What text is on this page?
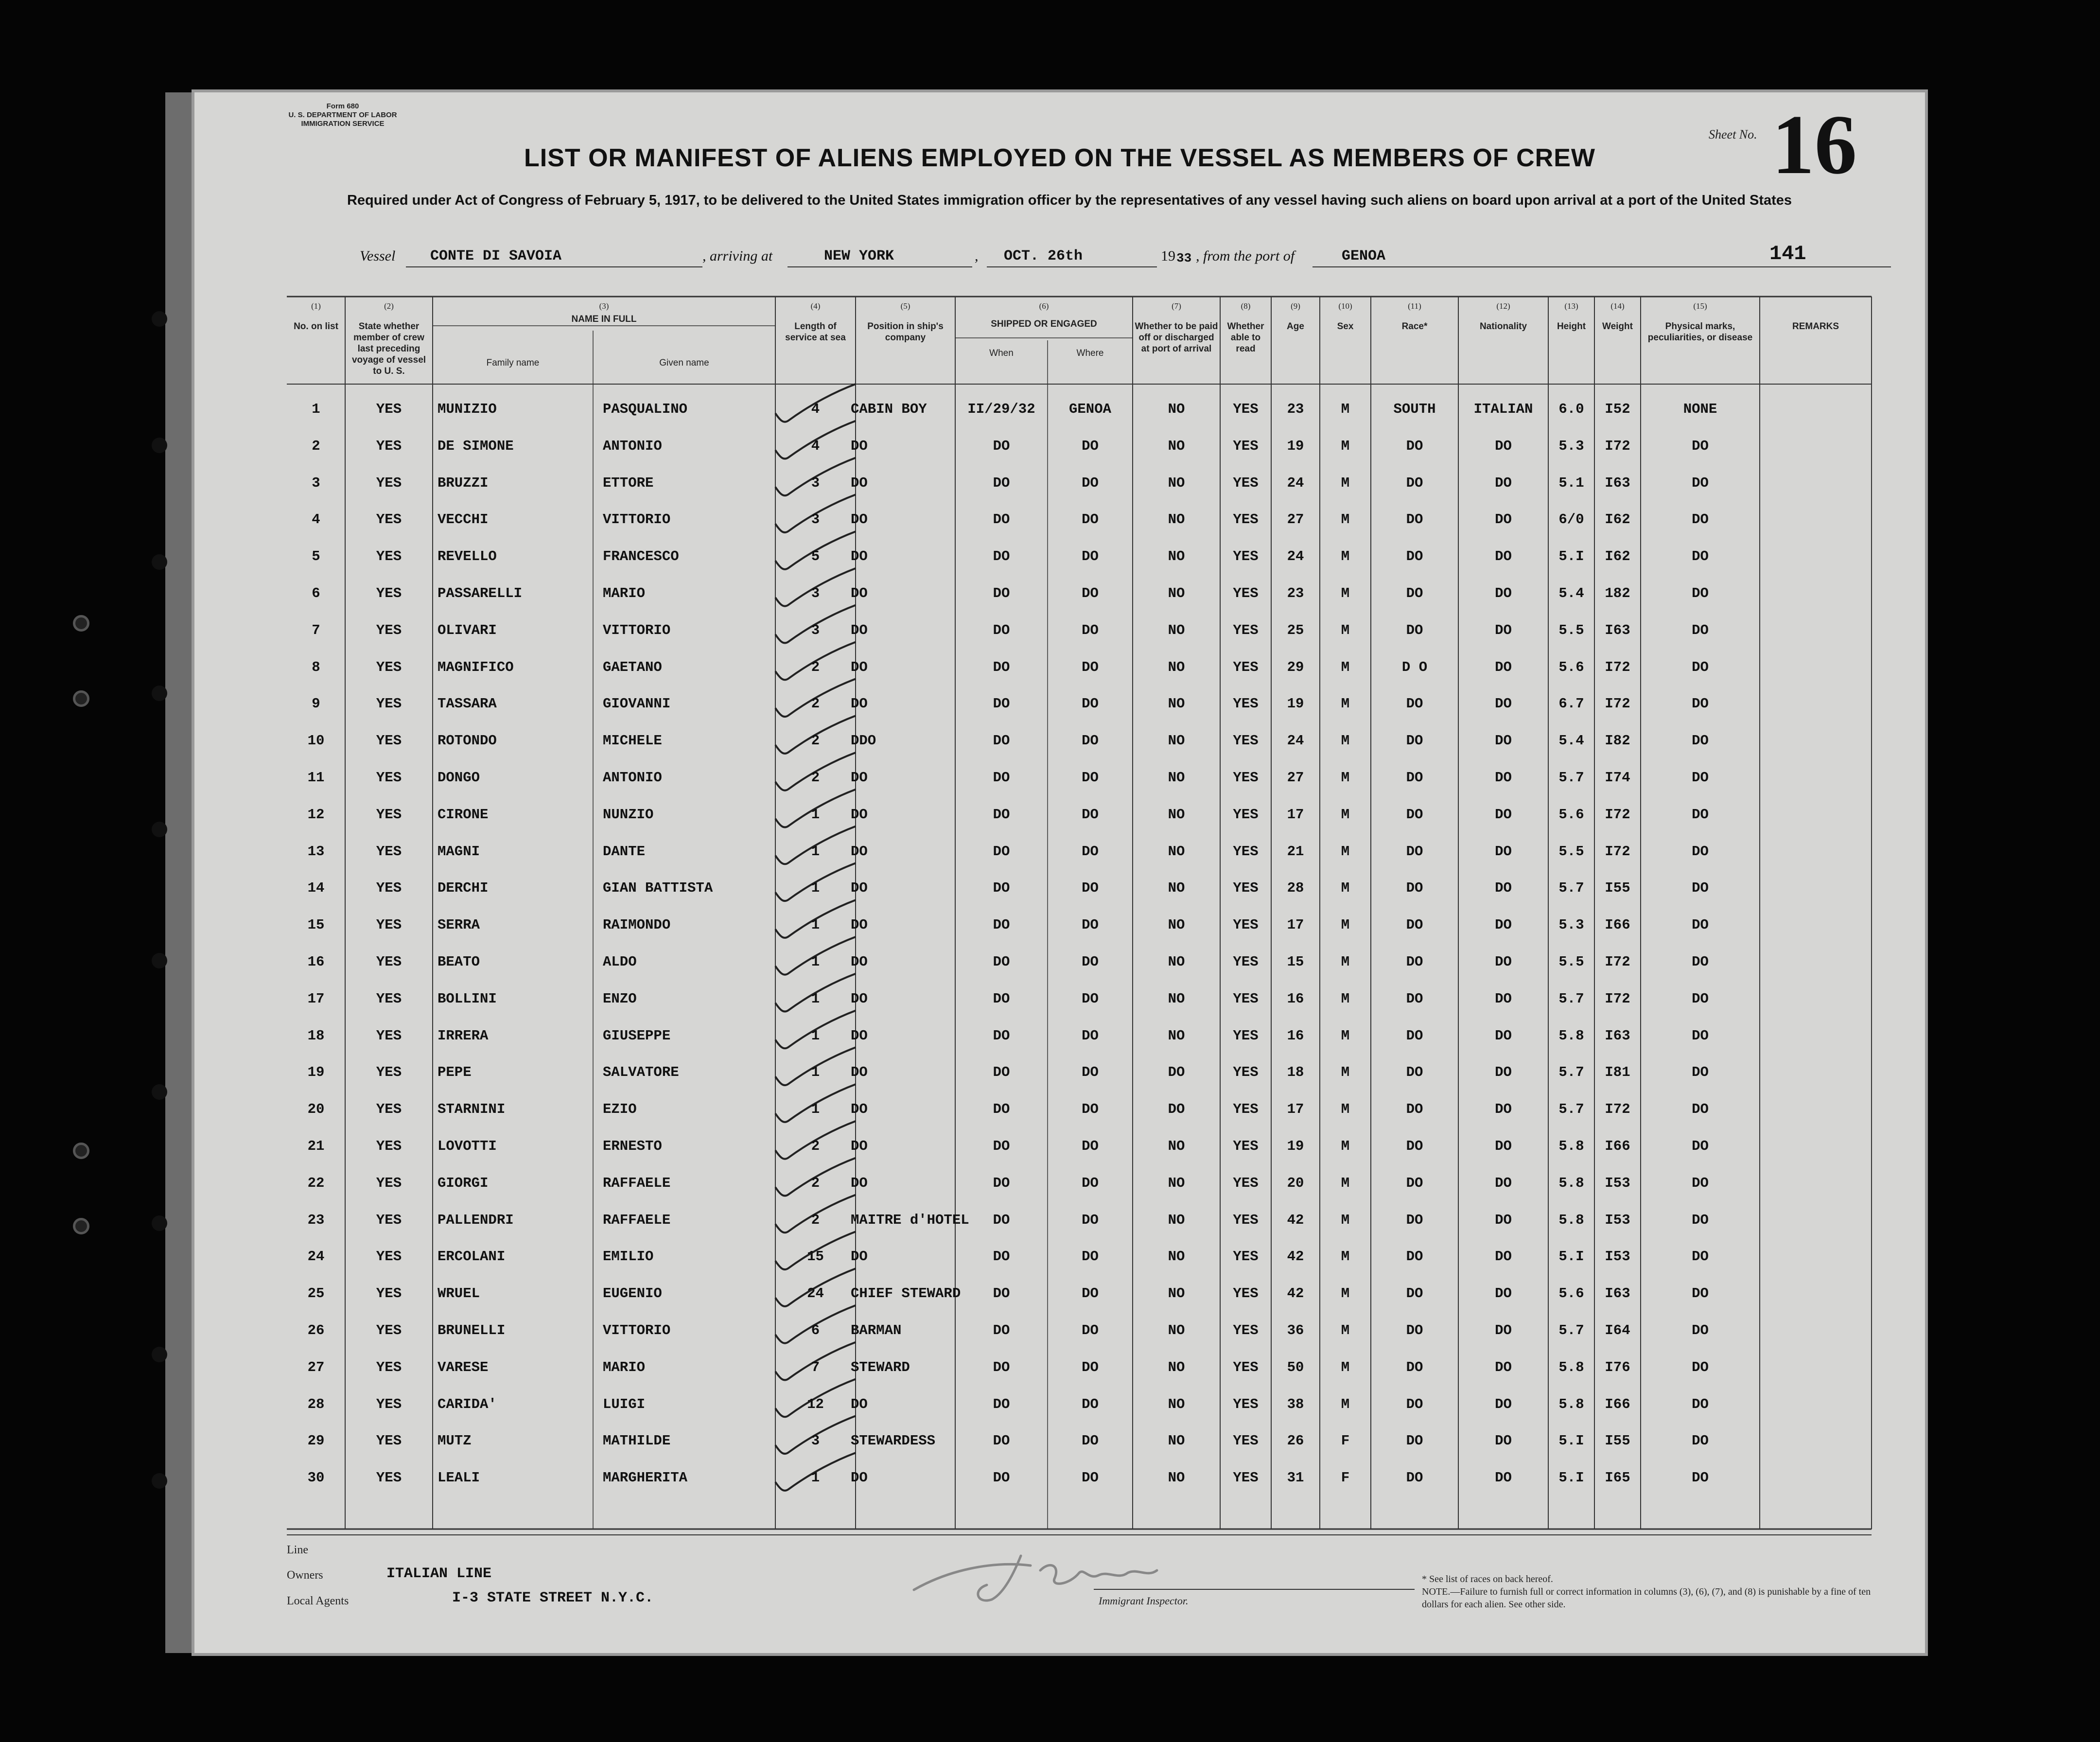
Form 680
U. S. DEPARTMENT OF LABOR
IMMIGRATION SERVICE
LIST OR MANIFEST OF ALIENS EMPLOYED ON THE VESSEL AS MEMBERS OF CREW
Sheet No. 16
Required under Act of Congress of February 5, 1917, to be delivered to the United States immigration officer by the representatives of any vessel having such aliens on board upon arrival at a port of the United States
Vessel CONTE DI SAVOIA	, arriving at	NEW YORK	, OCT. 26th	19 33 , from the port of	GENOA	141
(1)
No. on list
(2)
State whether member of crew last preceding voyage of vessel to U. S.
(3)
NAME IN FULL
(4)
Length of service at sea
(5)
Position in ship's company
(7)
Whether to be paid off or discharged at port of arrival
(8)
Whether able to read
(9)
Age
(10)
Sex
(11)
Race*
(12)
Nationality
(13)
Height
(14)
Weight
(15)
Physical marks, peculiarities, or disease
REMARKS
(6)
SHIPPED OR ENGAGED
When	Where
Family name	Given name
1	YES	MUNIZIO	PASQUALINO	4	CABIN BOY	II/29/32	GENOA	NO	YES	23	M	SOUTH	ITALIAN	6.0	I52	NONE
2	YES	DE SIMONE	ANTONIO	4	DO	DO	DO	NO	YES	19	M	DO	DO	5.3	I72	DO
3	YES	BRUZZI	ETTORE	3	DO	DO	DO	NO	YES	24	M	DO	DO	5.1	I63	DO
4	YES	VECCHI	VITTORIO	3	DO	DO	DO	NO	YES	27	M	DO	DO	6/0	I62	DO
5	YES	REVELLO	FRANCESCO	5	DO	DO	DO	NO	YES	24	M	DO	DO	5.I	I62	DO
6	YES	PASSARELLI	MARIO	3	DO	DO	DO	NO	YES	23	M	DO	DO	5.4	182	DO
7	YES	OLIVARI	VITTORIO	3	DO	DO	DO	NO	YES	25	M	DO	DO	5.5	I63	DO
8	YES	MAGNIFICO	GAETANO	2	DO	DO	DO	NO	YES	29	M	D O	DO	5.6	I72	DO
9	YES	TASSARA	GIOVANNI	2	DO	DO	DO	NO	YES	19	M	DO	DO	6.7	I72	DO
10	YES	ROTONDO	MICHELE	2	DDO	DO	DO	NO	YES	24	M	DO	DO	5.4	I82	DO
11	YES	DONGO	ANTONIO	2	DO	DO	DO	NO	YES	27	M	DO	DO	5.7	I74	DO
12	YES	CIRONE	NUNZIO	1	DO	DO	DO	NO	YES	17	M	DO	DO	5.6	I72	DO
13	YES	MAGNI	DANTE	1	DO	DO	DO	NO	YES	21	M	DO	DO	5.5	I72	DO
14	YES	DERCHI	GIAN BATTISTA	1	DO	DO	DO	NO	YES	28	M	DO	DO	5.7	I55	DO
15	YES	SERRA	RAIMONDO	1	DO	DO	DO	NO	YES	17	M	DO	DO	5.3	I66	DO
16	YES	BEATO	ALDO	1	DO	DO	DO	NO	YES	15	M	DO	DO	5.5	I72	DO
17	YES	BOLLINI	ENZO	1	DO	DO	DO	NO	YES	16	M	DO	DO	5.7	I72	DO
18	YES	IRRERA	GIUSEPPE	1	DO	DO	DO	NO	YES	16	M	DO	DO	5.8	I63	DO
19	YES	PEPE	SALVATORE	1	DO	DO	DO	DO	YES	18	M	DO	DO	5.7	I81	DO
20	YES	STARNINI	EZIO	1	DO	DO	DO	DO	YES	17	M	DO	DO	5.7	I72	DO
21	YES	LOVOTTI	ERNESTO	2	DO	DO	DO	NO	YES	19	M	DO	DO	5.8	I66	DO
22	YES	GIORGI	RAFFAELE	2	DO	DO	DO	NO	YES	20	M	DO	DO	5.8	I53	DO
23	YES	PALLENDRI	RAFFAELE	2	MAITRE d'HOTEL	DO	DO	NO	YES	42	M	DO	DO	5.8	I53	DO
24	YES	ERCOLANI	EMILIO	15	DO	DO	DO	NO	YES	42	M	DO	DO	5.I	I53	DO
25	YES	WRUEL	EUGENIO	24	CHIEF STEWARD	DO	DO	NO	YES	42	M	DO	DO	5.6	I63	DO
26	YES	BRUNELLI	VITTORIO	6	BARMAN	DO	DO	NO	YES	36	M	DO	DO	5.7	I64	DO
27	YES	VARESE	MARIO	7	STEWARD	DO	DO	NO	YES	50	M	DO	DO	5.8	I76	DO
28	YES	CARIDA'	LUIGI	12	DO	DO	DO	NO	YES	38	M	DO	DO	5.8	I66	DO
29	YES	MUTZ	MATHILDE	3	STEWARDESS	DO	DO	NO	YES	26	F	DO	DO	5.I	I55	DO
30	YES	LEALI	MARGHERITA	1	DO	DO	DO	NO	YES	31	F	DO	DO	5.I	I65	DO
Line
Owners	ITALIAN LINE
Local Agents	I-3 STATE STREET N.Y.C.	Immigrant Inspector.
* See list of races on back hereof.
NOTE.—Failure to furnish full or correct information in columns (3), (6), (7), and (8) is punishable by a fine of ten dollars for each alien. See other side.
